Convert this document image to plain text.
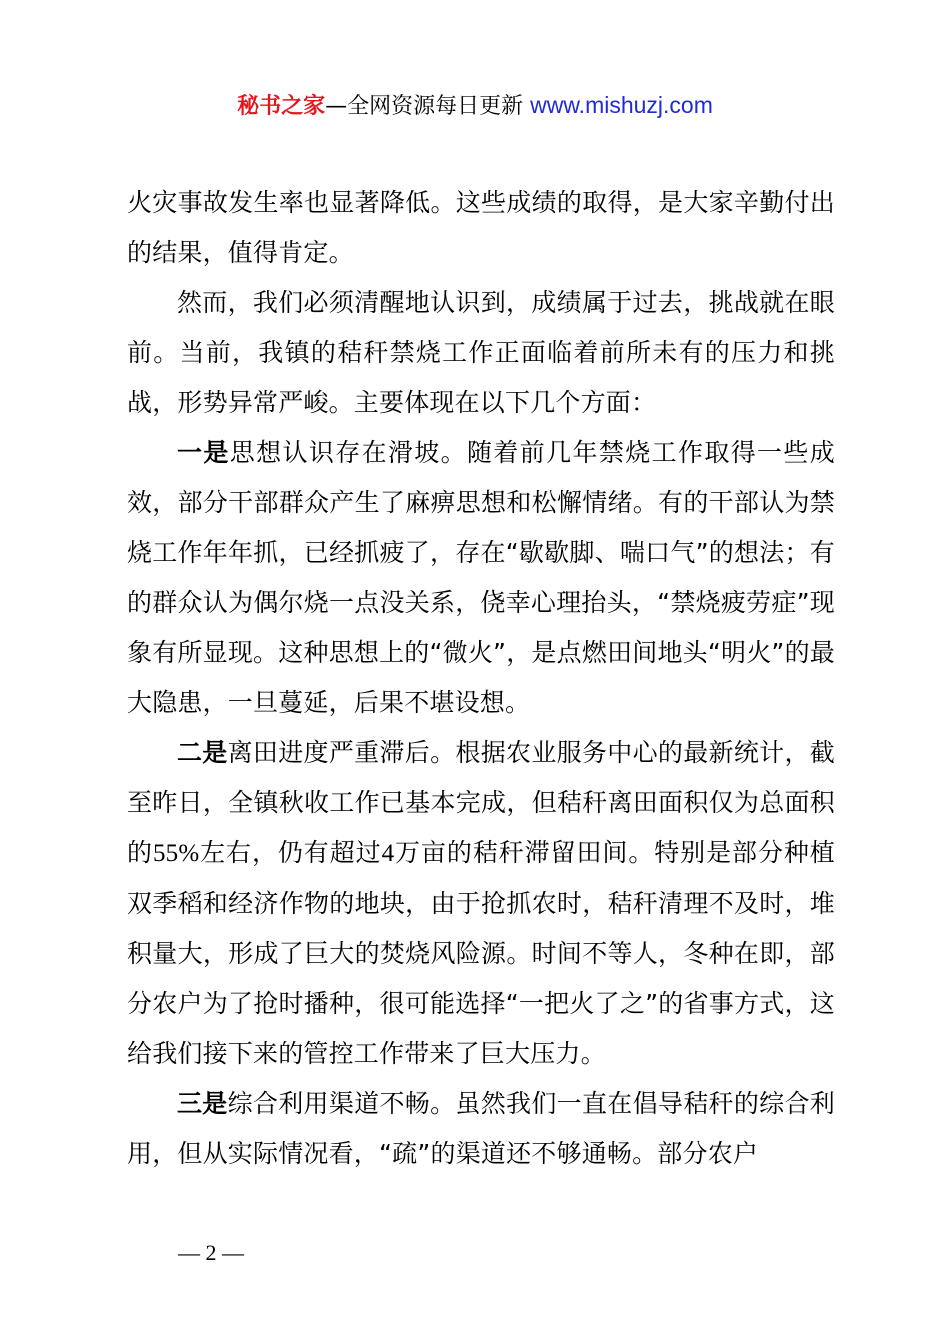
秘书之家—全网资源每日更新 www.mishuzj.com

火灾事故发生率也显著降低。这些成绩的取得，是大家辛勤付出的结果，值得肯定。

然而，我们必须清醒地认识到，成绩属于过去，挑战就在眼前。当前，我镇的秸秆禁烧工作正面临着前所未有的压力和挑战，形势异常严峻。主要体现在以下几个方面：

一是思想认识存在滑坡。随着前几年禁烧工作取得一些成效，部分干部群众产生了麻痹思想和松懈情绪。有的干部认为禁烧工作年年抓，已经抓疲了，存在“歇歇脚、喘口气”的想法；有的群众认为偶尔烧一点没关系，侥幸心理抬头，“禁烧疲劳症”现象有所显现。这种思想上的“微火”，是点燃田间地头“明火”的最大隐患，一旦蔓延，后果不堪设想。

二是离田进度严重滞后。根据农业服务中心的最新统计，截至昨日，全镇秋收工作已基本完成，但秸秆离田面积仅为总面积的55%左右，仍有超过4万亩的秸秆滞留田间。特别是部分种植双季稻和经济作物的地块，由于抢抓农时，秸秆清理不及时，堆积量大，形成了巨大的焚烧风险源。时间不等人，冬种在即，部分农户为了抢时播种，很可能选择“一把火了之”的省事方式，这给我们接下来的管控工作带来了巨大压力。

三是综合利用渠道不畅。虽然我们一直在倡导秸秆的综合利用，但从实际情况看，“疏”的渠道还不够通畅。部分农户

— 2 —
